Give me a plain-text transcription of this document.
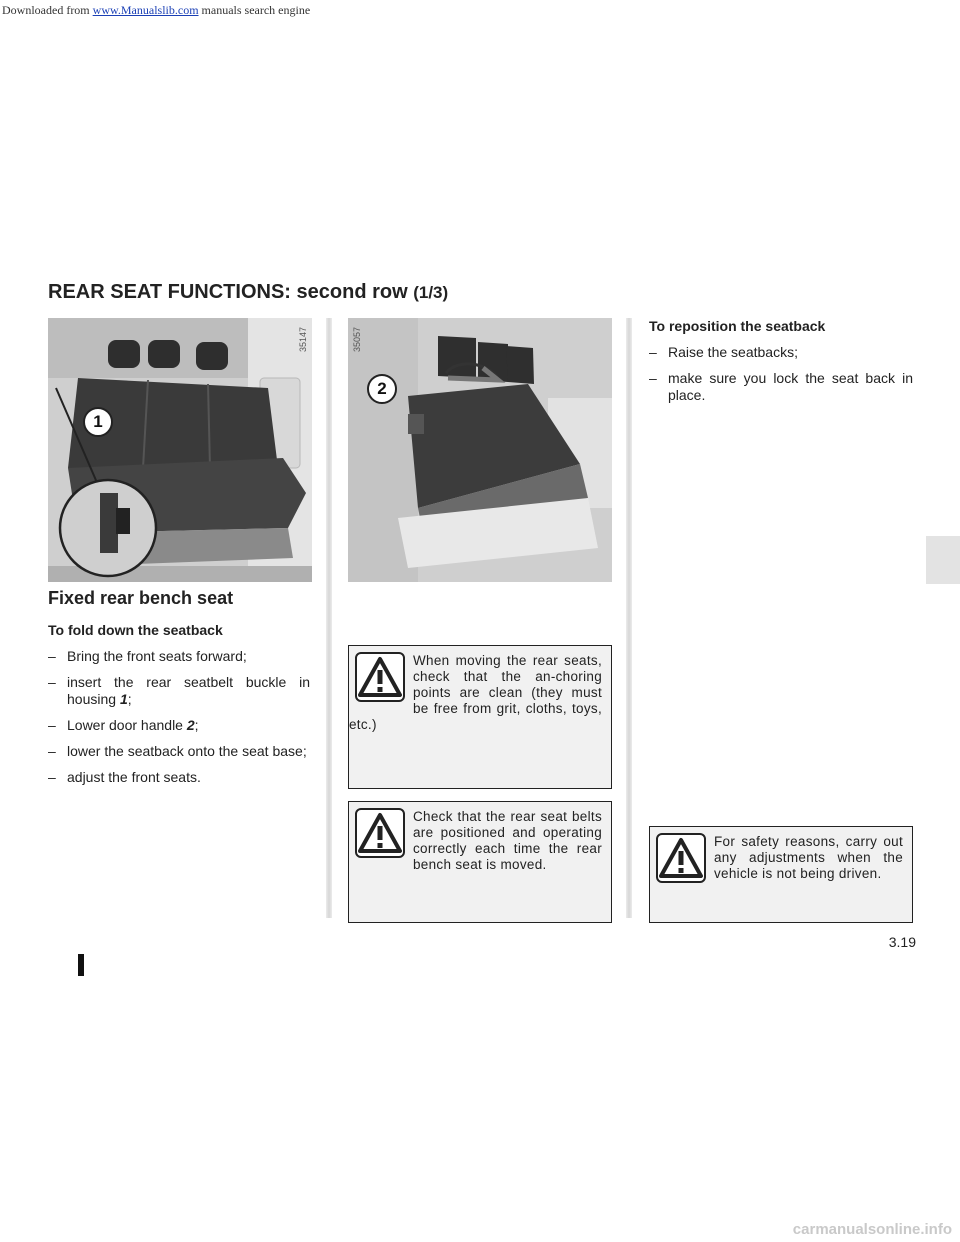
Downloaded from www.Manualslib.com manuals search engine
REAR SEAT FUNCTIONS: second row (1/3)
35147
1
35057
2
Fixed rear bench seat

To fold down the seatback

– Bring the front seats forward;
– insert the rear seatbelt buckle in housing 1;
– Lower door handle 2;
– lower the seatback onto the seat base;
– adjust the front seats.

To reposition the seatback

– Raise the seatbacks;
– make sure you lock the seat back in place.

When moving the rear seats, check that the an-choring points are clean (they must be free from grit, cloths, toys, etc.)

Check that the rear seat belts are positioned and operating correctly each time the rear bench seat is moved.

For safety reasons, carry out any adjustments when the vehicle is not being driven.

3.19
carmanualsonline.info
